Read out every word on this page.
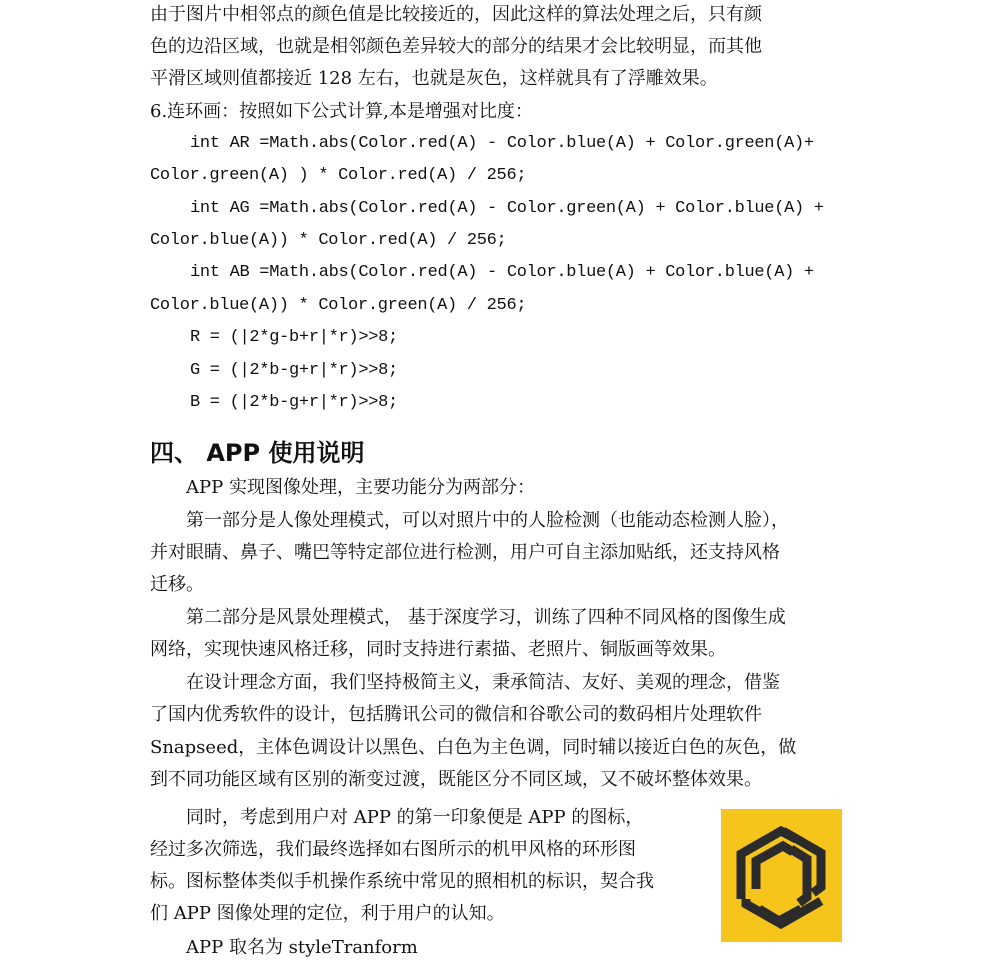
由于图片中相邻点的颜色值是比较接近的，因此这样的算法处理之后，只有颜
色的边沿区域，也就是相邻颜色差异较大的部分的结果才会比较明显，而其他
平滑区域则值都接近 128 左右，也就是灰色，这样就具有了浮雕效果。
6.连环画：按照如下公式计算,本是增强对比度：
int AR =Math.abs(Color.red(A) - Color.blue(A) + Color.green(A)+
Color.green(A) ) * Color.red(A) / 256;
int AG =Math.abs(Color.red(A) - Color.green(A) + Color.blue(A) +
Color.blue(A)) * Color.red(A) / 256;
int AB =Math.abs(Color.red(A) - Color.blue(A) + Color.blue(A) +
Color.blue(A)) * Color.green(A) / 256;
R = (|2*g-b+r|*r)>>8;
G = (|2*b-g+r|*r)>>8;
B = (|2*b-g+r|*r)>>8;
四、 APP 使用说明
APP 实现图像处理，主要功能分为两部分：
第一部分是人像处理模式，可以对照片中的人脸检测（也能动态检测人脸），
并对眼睛、鼻子、嘴巴等特定部位进行检测，用户可自主添加贴纸，还支持风格
迁移。
第二部分是风景处理模式， 基于深度学习，训练了四种不同风格的图像生成
网络，实现快速风格迁移，同时支持进行素描、老照片、铜版画等效果。
在设计理念方面，我们坚持极简主义，秉承简洁、友好、美观的理念，借鉴
了国内优秀软件的设计，包括腾讯公司的微信和谷歌公司的数码相片处理软件
Snapseed，主体色调设计以黑色、白色为主色调，同时辅以接近白色的灰色，做
到不同功能区域有区别的渐变过渡，既能区分不同区域，又不破坏整体效果。
同时，考虑到用户对 APP 的第一印象便是 APP 的图标，
经过多次筛选，我们最终选择如右图所示的机甲风格的环形图
标。图标整体类似手机操作系统中常见的照相机的标识，契合我
们 APP 图像处理的定位，利于用户的认知。
APP 取名为 styleTranform
